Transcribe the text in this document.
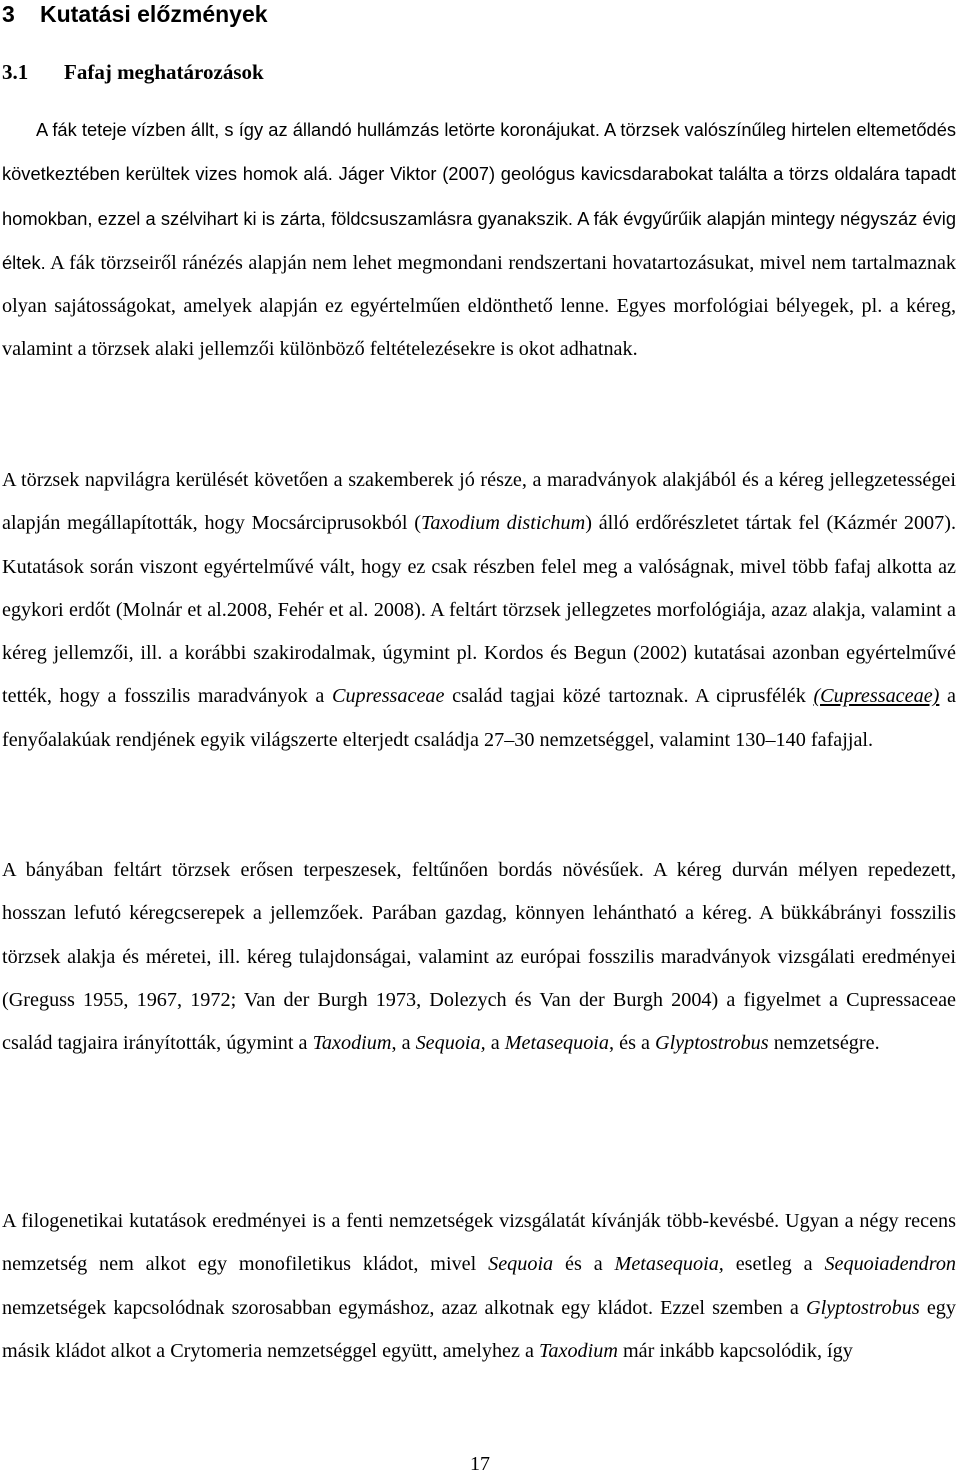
3 Kutatási előzmények
3.1 Fafaj meghatározások
A fák teteje vízben állt, s így az állandó hullámzás letörte koronájukat. A törzsek valószínűleg hirtelen eltemetődés következtében kerültek vizes homok alá. Jáger Viktor (2007) geológus kavicsdarabokat találta a törzs oldalára tapadt homokban, ezzel a szélvihart ki is zárta, földcsuszamlásra gyanakszik. A fák évgyűrűik alapján mintegy négyszáz évig éltek. A fák törzseiről ránézés alapján nem lehet megmondani rendszertani hovatartozásukat, mivel nem tartalmaznak olyan sajátosságokat, amelyek alapján ez egyértelműen eldönthető lenne. Egyes morfológiai bélyegek, pl. a kéreg, valamint a törzsek alaki jellemzői különböző feltételezésekre is okot adhatnak.
A törzsek napvilágra kerülését követően a szakemberek jó része, a maradványok alakjából és a kéreg jellegzetességei alapján megállapították, hogy Mocsárciprusokból (Taxodium distichum) álló erdőrészletet tártak fel (Kázmér 2007). Kutatások során viszont egyértelművé vált, hogy ez csak részben felel meg a valóságnak, mivel több fafaj alkotta az egykori erdőt (Molnár et al.2008, Fehér et al. 2008). A feltárt törzsek jellegzetes morfológiája, azaz alakja, valamint a kéreg jellemzői, ill. a korábbi szakirodalmak, úgymint pl. Kordos és Begun (2002) kutatásai azonban egyértelművé tették, hogy a fosszilis maradványok a Cupressaceae család tagjai közé tartoznak. A ciprusfélék (Cupressaceae) a fenyőalakúak rendjének egyik világszerte elterjedt családja 27–30 nemzetséggel, valamint 130–140 fafajjal.
A bányában feltárt törzsek erősen terpeszesek, feltűnően bordás növésűek. A kéreg durván mélyen repedezett, hosszan lefutó kéregcserepek a jellemzőek. Parában gazdag, könnyen lehántható a kéreg. A bükkábrányi fosszilis törzsek alakja és méretei, ill. kéreg tulajdonságai, valamint az európai fosszilis maradványok vizsgálati eredményei (Greguss 1955, 1967, 1972; Van der Burgh 1973, Dolezych és Van der Burgh 2004) a figyelmet a Cupressaceae család tagjaira irányították, úgymint a Taxodium, a Sequoia, a Metasequoia, és a Glyptostrobus nemzetségre.
A filogenetikai kutatások eredményei is a fenti nemzetségek vizsgálatát kívánják több-kevésbé. Ugyan a négy recens nemzetség nem alkot egy monofiletikus kládot, mivel Sequoia és a Metasequoia, esetleg a Sequoiadendron nemzetségek kapcsolódnak szorosabban egymáshoz, azaz alkotnak egy kládot. Ezzel szemben a Glyptostrobus egy másik kládot alkot a Crytomeria nemzetséggel együtt, amelyhez a Taxodium már inkább kapcsolódik, így
17
